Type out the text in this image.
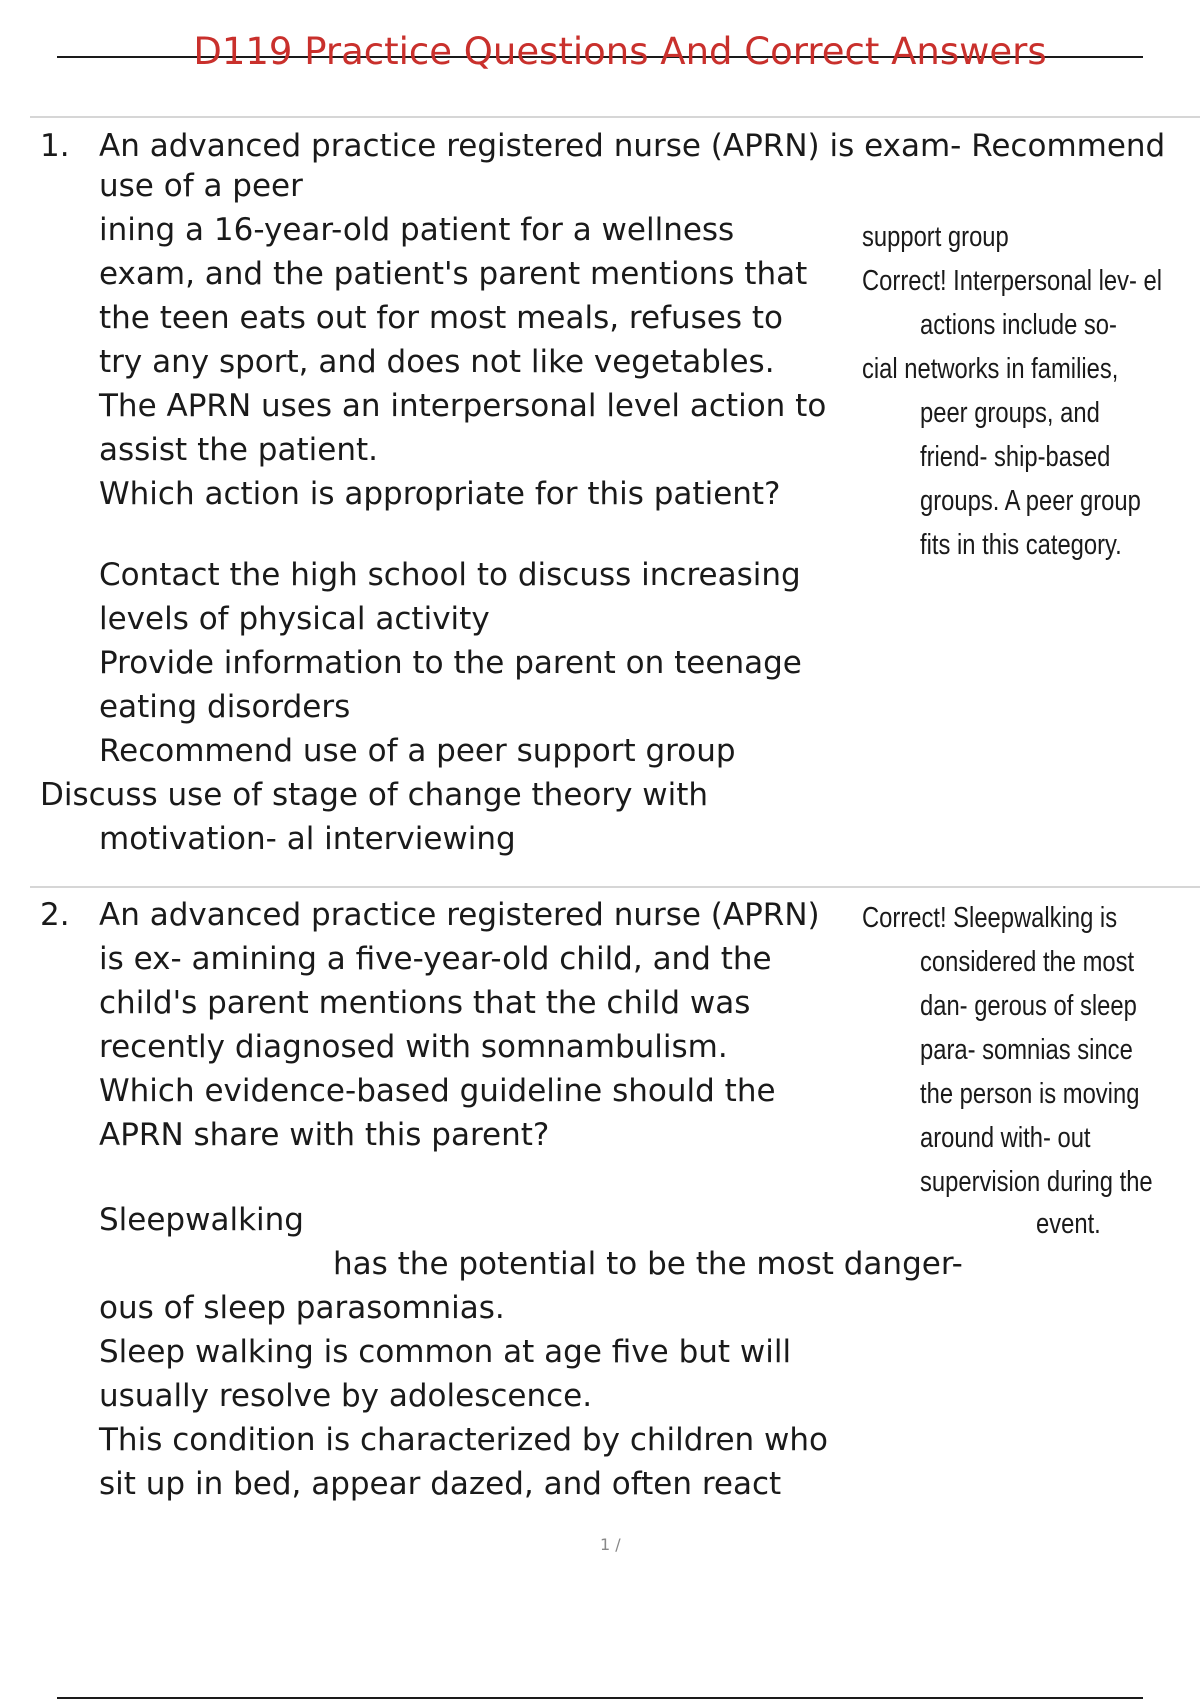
D119 Practice Questions And Correct Answers
1. An advanced practice registered nurse (APRN) is exam- Recommend
use of a peer
ining a 16-year-old patient for a wellness
exam, and the patient's parent mentions that
the teen eats out for most meals, refuses to
try any sport, and does not like vegetables.
The APRN uses an interpersonal level action to
assist the patient.
Which action is appropriate for this patient?
Contact the high school to discuss increasing
levels of physical activity
Provide information to the parent on teenage
eating disorders
Recommend use of a peer support group
Discuss use of stage of change theory with
motivation- al interviewing
support group
Correct! Interpersonal lev- el
actions include so-
cial networks in families,
peer groups, and
friend- ship-based
groups. A peer group
fits in this category.
2. An advanced practice registered nurse (APRN)
is ex- amining a five-year-old child, and the
child's parent mentions that the child was
recently diagnosed with somnambulism.
Which evidence-based guideline should the
APRN share with this parent?
Sleepwalking
has the potential to be the most danger-
ous of sleep parasomnias.
Sleep walking is common at age five but will
usually resolve by adolescence.
This condition is characterized by children who
sit up in bed, appear dazed, and often react
Correct! Sleepwalking is
considered the most
dan- gerous of sleep
para- somnias since
the person is moving
around with- out
supervision during the
event.
1 /
